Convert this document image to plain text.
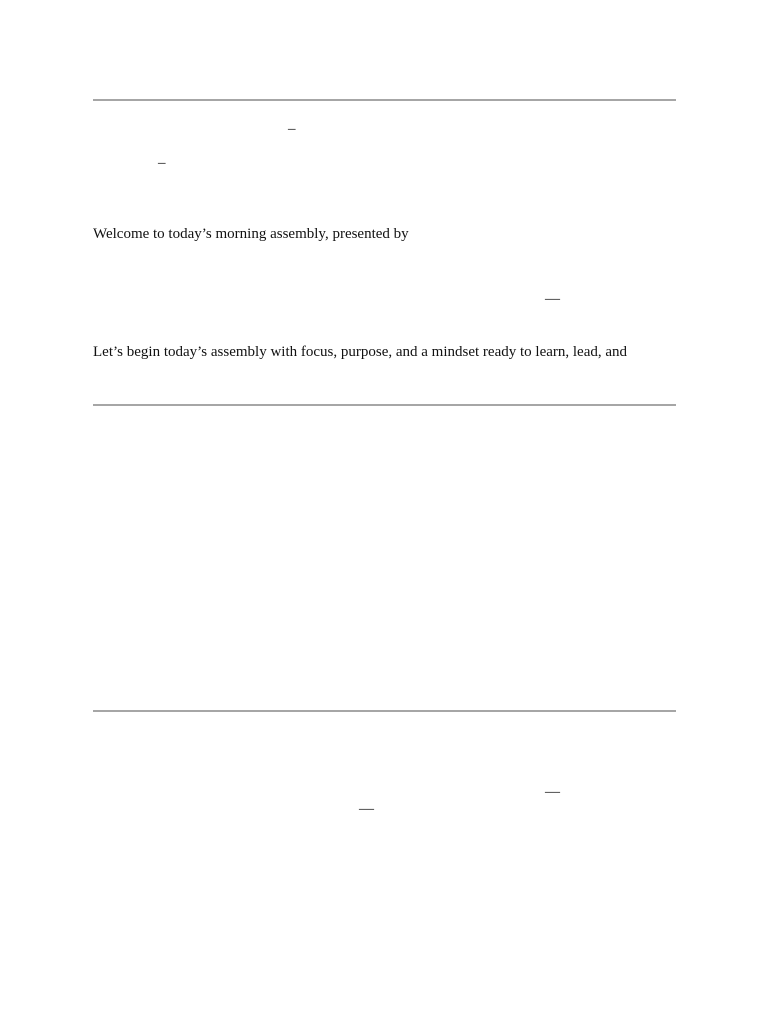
–
–
Welcome to today’s morning assembly, presented by
—
Let’s begin today’s assembly with focus, purpose, and a mindset ready to learn, lead, and
—
—
